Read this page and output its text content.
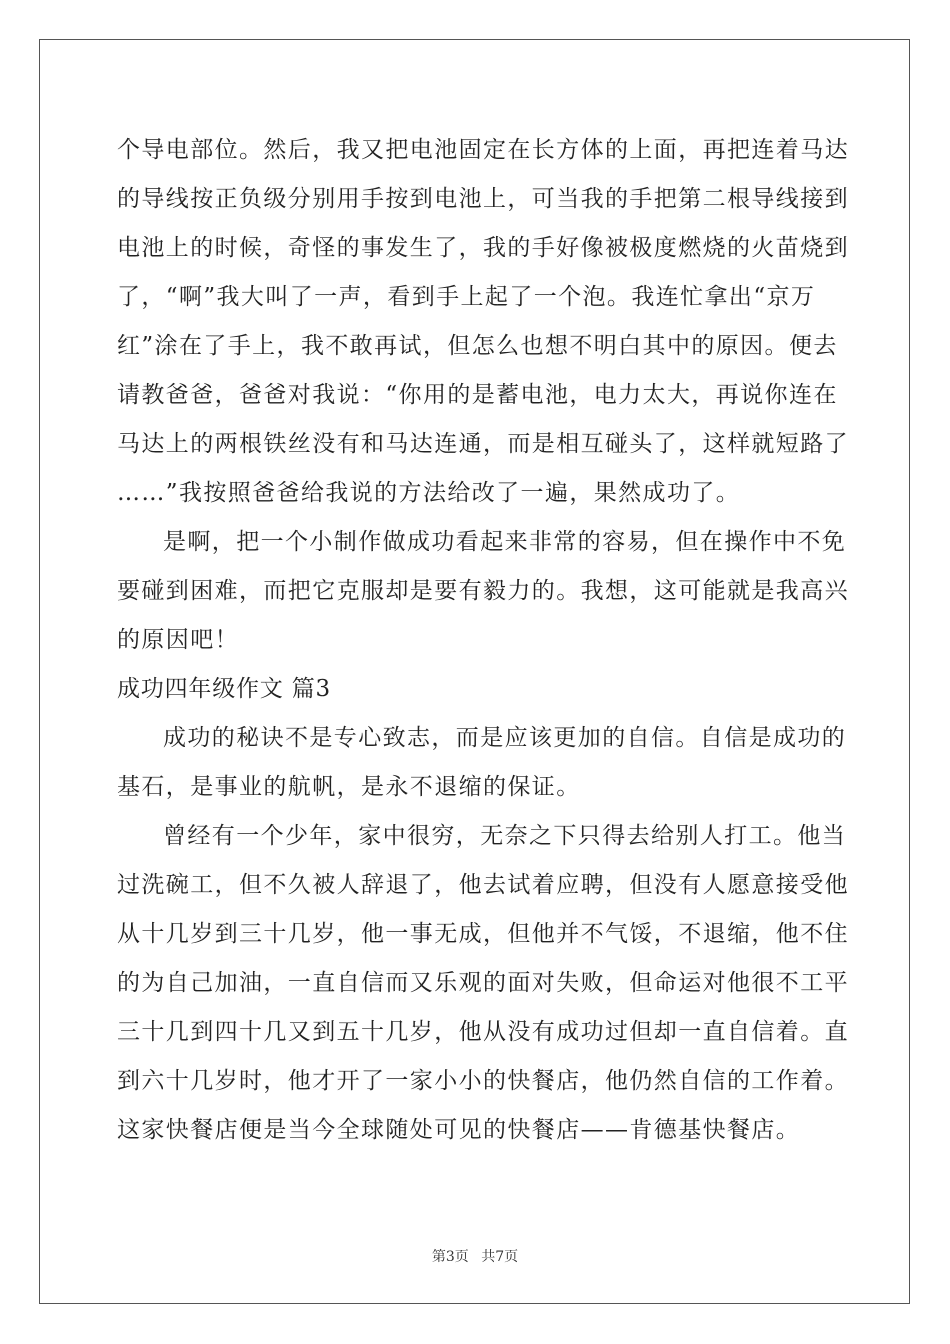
个导电部位。然后，我又把电池固定在长方体的上面，再把连着马达
的导线按正负级分别用手按到电池上，可当我的手把第二根导线接到
电池上的时候，奇怪的事发生了，我的手好像被极度燃烧的火苗烧到
了，“啊”我大叫了一声，看到手上起了一个泡。我连忙拿出“京万
红”涂在了手上，我不敢再试，但怎么也想不明白其中的原因。便去
请教爸爸，爸爸对我说：“你用的是蓄电池，电力太大，再说你连在
马达上的两根铁丝没有和马达连通，而是相互碰头了，这样就短路了
……”我按照爸爸给我说的方法给改了一遍，果然成功了。
是啊，把一个小制作做成功看起来非常的容易，但在操作中不免
要碰到困难，而把它克服却是要有毅力的。我想，这可能就是我高兴
的原因吧！
成功四年级作文 篇3
成功的秘诀不是专心致志，而是应该更加的自信。自信是成功的
基石，是事业的航帆，是永不退缩的保证。
曾经有一个少年，家中很穷，无奈之下只得去给别人打工。他当
过洗碗工，但不久被人辞退了，他去试着应聘，但没有人愿意接受他
从十几岁到三十几岁，他一事无成，但他并不气馁，不退缩，他不住
的为自己加油，一直自信而又乐观的面对失败，但命运对他很不工平
三十几到四十几又到五十几岁，他从没有成功过但却一直自信着。直
到六十几岁时，他才开了一家小小的快餐店，他仍然自信的工作着。
这家快餐店便是当今全球随处可见的快餐店——肯德基快餐店。
第3页 共7页
